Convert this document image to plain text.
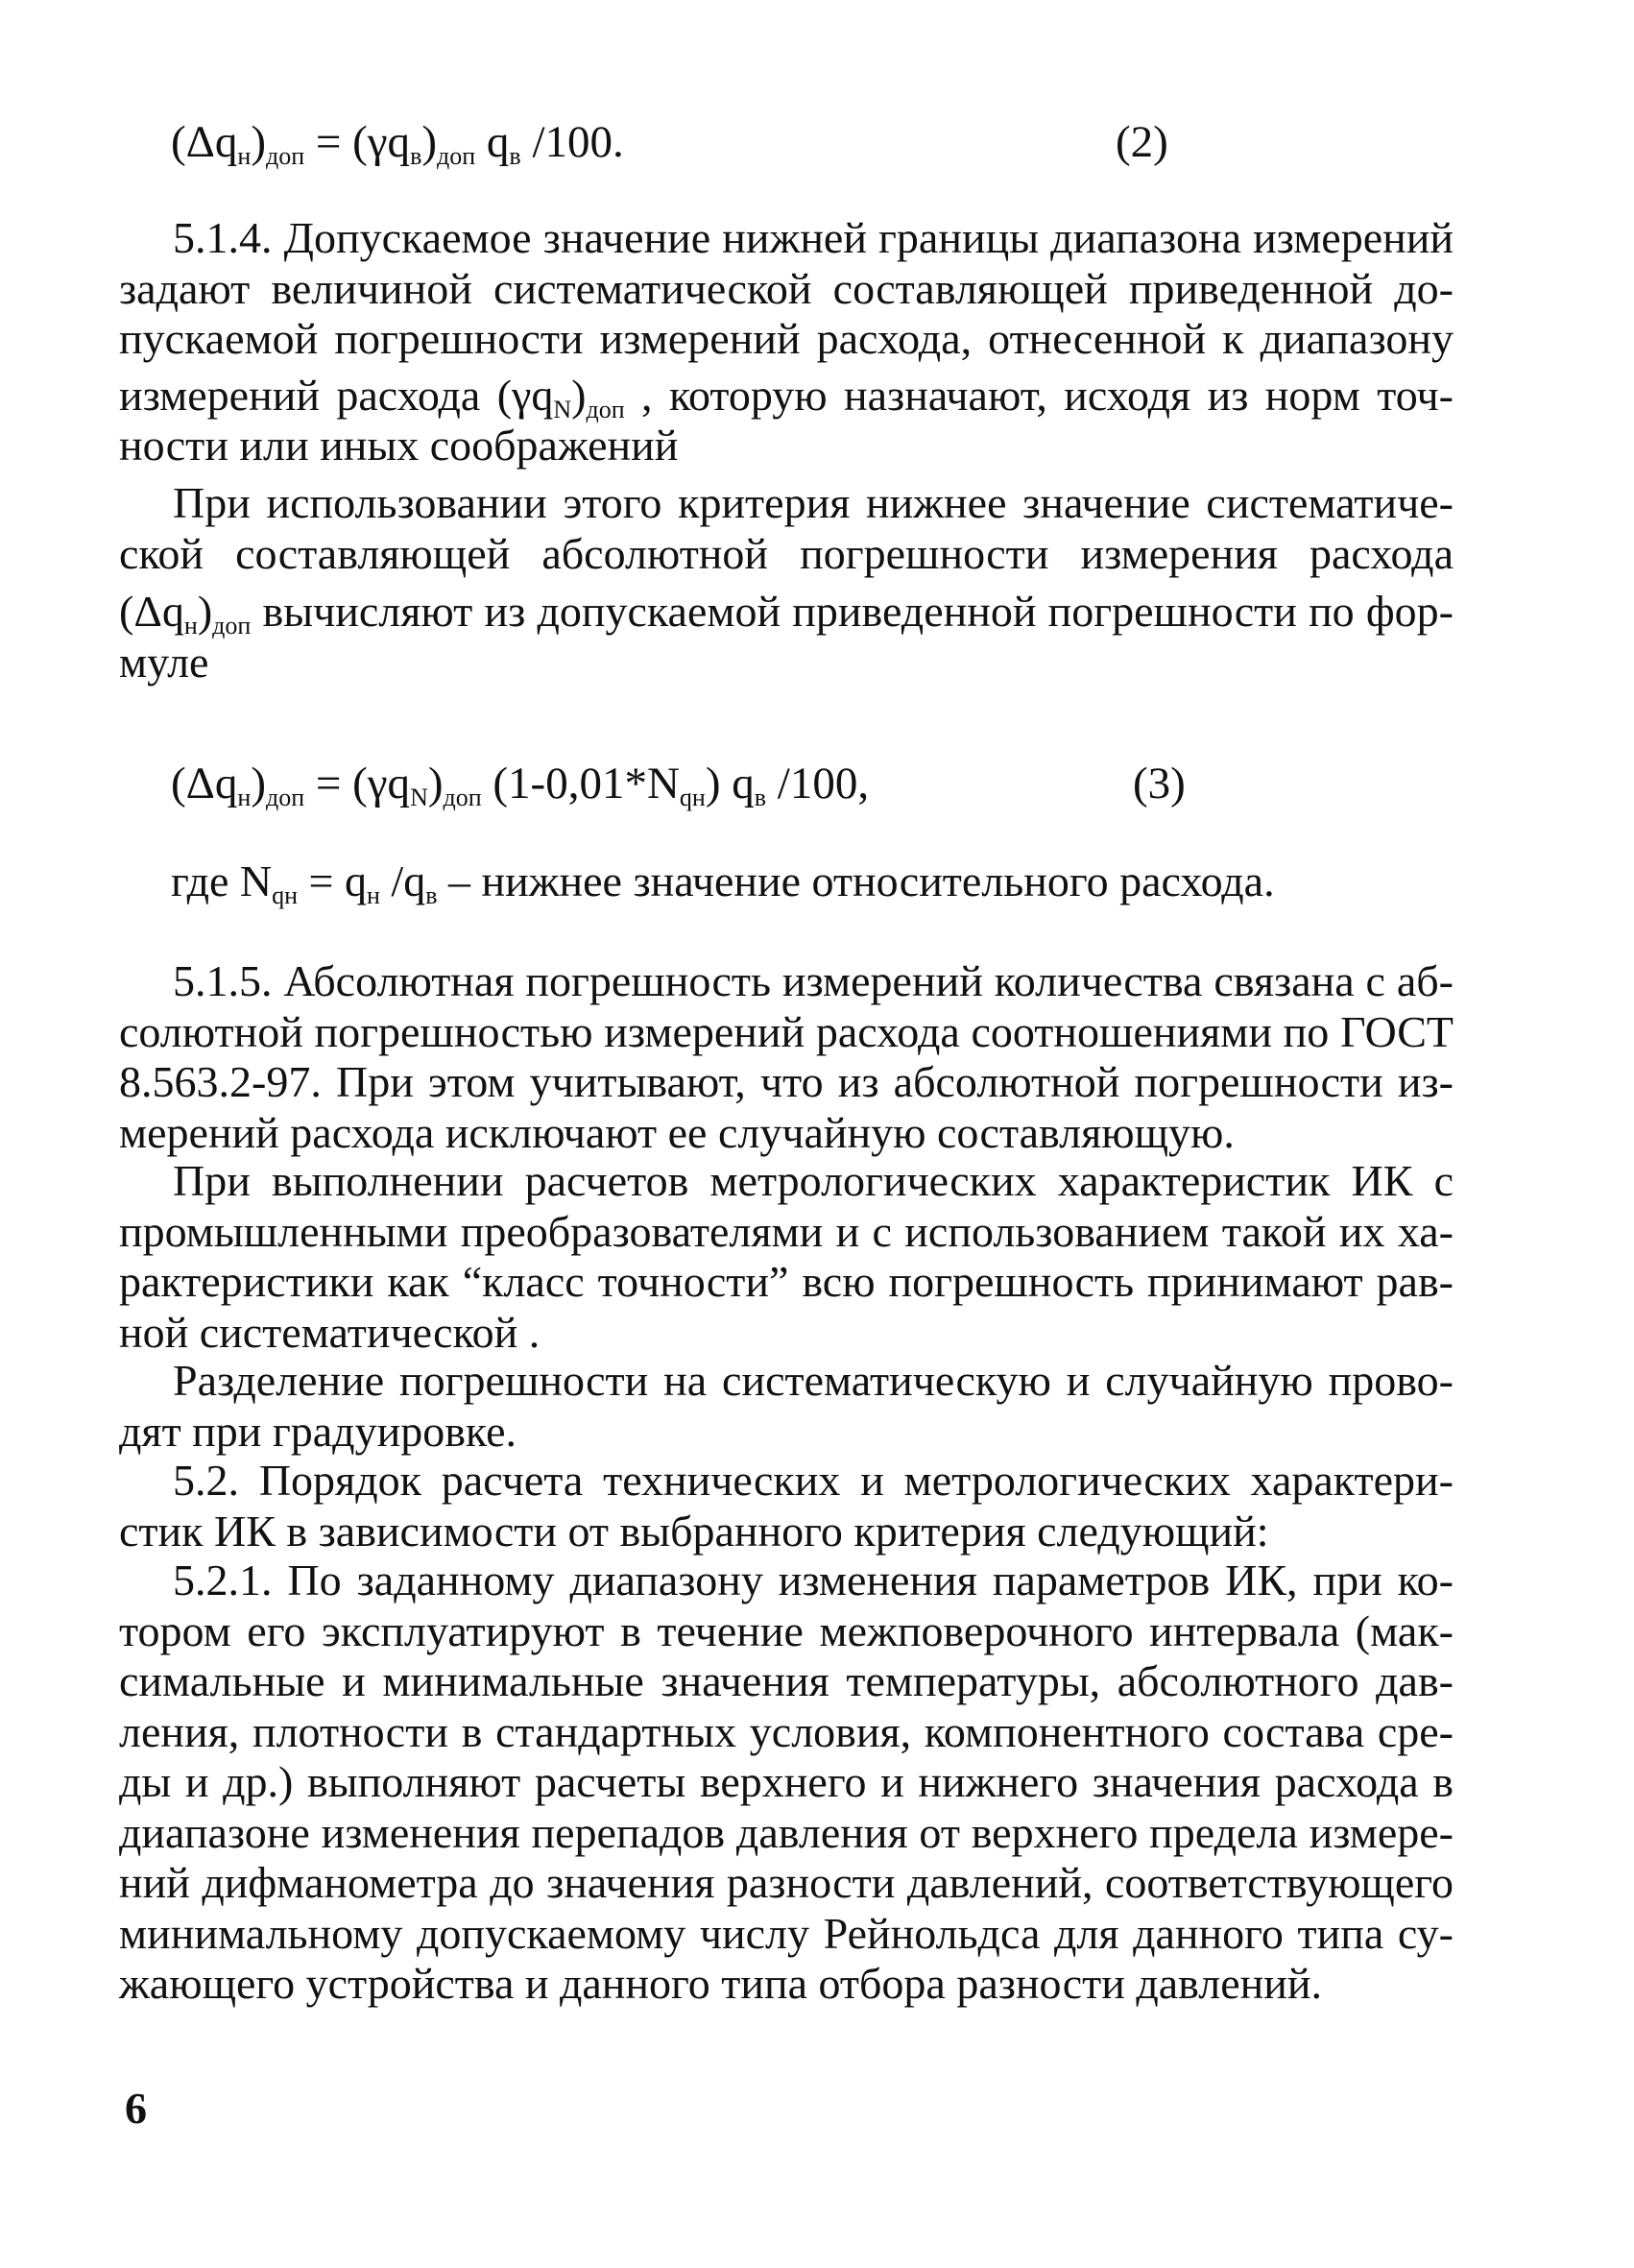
$(\Delta q_н)_{доп} = (\gamma q_в)_{доп}$ $q_в$ /100.	(2)
5.1.4. Допускаемое значение нижней границы диапазона измерений
задают величиной систематической составляющей приведенной до-
пускаемой погрешности измерений расхода, отнесенной к диапазону
измерений расхода $(\gamma q_N)_{доп}$ , которую назначают, исходя из норм точ-
ности или иных соображений
При использовании этого критерия нижнее значение систематиче-
ской составляющей абсолютной погрешности измерения расхода
$(\Delta q_н)_{доп}$ вычисляют из допускаемой приведенной погрешности по фор-
муле
$(\Delta q_н)_{доп} = (\gamma q_N)_{доп}$ $(1-0,01*N_{qн})$ $q_в$ /100,	(3)
где $N_{qн} = q_н$ $/q_в$ – нижнее значение относительного расхода.
5.1.5. Абсолютная погрешность измерений количества связана с аб-
солютной погрешностью измерений расхода соотношениями по ГОСТ
8.563.2-97. При этом учитывают, что из абсолютной погрешности из-
мерений расхода исключают ее случайную составляющую.
При выполнении расчетов метрологических характеристик ИК с
промышленными преобразователями и с использованием такой их ха-
рактеристики как “класс точности” всю погрешность принимают рав-
ной систематической .
Разделение погрешности на систематическую и случайную прово-
дят при градуировке.
5.2. Порядок расчета технических и метрологических характери-
стик ИК в зависимости от выбранного критерия следующий:
5.2.1. По заданному диапазону изменения параметров ИК, при ко-
тором его эксплуатируют в течение межповерочного интервала (мак-
симальные и минимальные значения температуры, абсолютного дав-
ления, плотности в стандартных условия, компонентного состава сре-
ды и др.) выполняют расчеты верхнего и нижнего значения расхода в
диапазоне изменения перепадов давления от верхнего предела измере-
ний дифманометра до значения разности давлений, соответствующего
минимальному допускаемому числу Рейнольдса для данного типа су-
жающего устройства и данного типа отбора разности давлений.
6
